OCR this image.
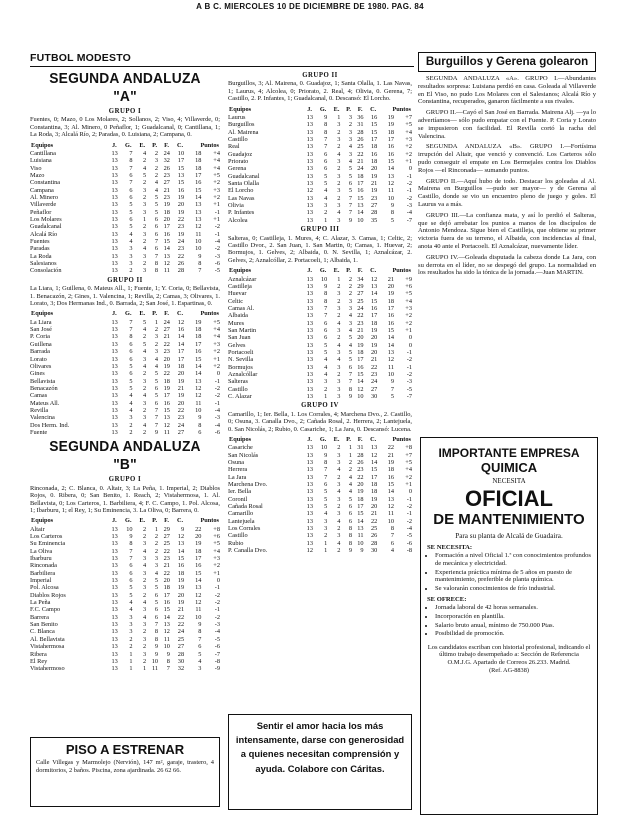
A B C. MIERCOLES 10 DE DICIEMBRE DE 1980. PAG. 84
FUTBOL MODESTO
SEGUNDA ANDALUZA "A"
GRUPO I
Fuentes, 0; Mazo, 0 Los Molares, 2; Sollanos, 2; Viso, 4; Villaverde, 0; Constantina, 3; Al. Minero, 0 Peñaflor, 1; Guadalcanal, 0; Cantillana, 1; La Roda, 3; Alcalá Río, 2; Paradas, 0. Luisiana, 2; Campana, 0.
Equipos	J.	G.	E.	P.	F.	C.	Puntos	
Cantillana	13	7	4	2	24	10	18	+4
Luisiana	13	8	2	3	32	17	18	+4
Viso	13	7	4	2	26	15	18	+4
Mazo	13	6	5	2	23	13	17	+5
Constantina	13	7	2	4	27	15	16	+2
Campana	13	6	3	4	21	16	15	+3
Al. Minero	13	6	2	5	23	19	14	+2
Villaverde	13	5	3	5	19	20	13	+1
Peñaflor	13	5	3	5	18	19	13	-1
Los Molares	13	6	1	6	20	22	13	+1
Guadalcanal	13	5	2	6	17	23	12	-2
Alcalá Río	13	4	3	6	16	19	11	-1
Fuentes	13	4	2	7	15	24	10	-4
Paradas	13	3	4	6	14	23	10	-2
La Roda	13	3	3	7	13	22	9	-3
Salesianos	13	3	2	8	12	26	8	-6
Consolación	13	2	3	8	11	28	7	-5
GRUPO II
La Liara, 1; Guillena, 0. Mateus All., 1; Fuente, 1; Y. Coria, 0; Bellavista, 1. Benacazón, 2; Gines, 1. Valencina, 1; Revilla, 2; Camas, 3; Olivares, 1. Lorato, 3; Dos Hermanas Ind., 0. Barrada, 2; San José, 1. Espartinas, 0.
Equipos	J.	G.	E.	P.	F.	C.	Puntos	
La Liara	13	7	5	1	24	12	19	+5
San José	13	7	4	2	27	16	18	+4
P. Coria	13	8	2	3	21	14	18	+4
Guillena	13	6	5	2	22	14	17	+3
Barrada	13	6	4	3	23	17	16	+2
Lorato	13	6	3	4	20	17	15	+1
Olivares	13	5	4	4	19	18	14	+2
Gines	13	6	2	5	22	20	14	0
Bellavista	13	5	3	5	18	19	13	-1
Benacazón	13	5	2	6	19	21	12	-2
Camas	13	4	4	5	17	19	12	-2
Mateus All.	13	4	3	6	16	20	11	-1
Revilla	13	4	2	7	15	22	10	-4
Valencina	13	3	3	7	13	23	9	-3
Dos Herm. Ind.	13	2	4	7	12	24	8	-4
Fuente	13	2	2	9	11	27	6	-6
SEGUNDA ANDALUZA "B"
GRUPO I
Rinconada, 2; C. Blanca, 0. Altair, 3; La Peña, 1. Imperial, 2; Diablos Rojos, 0. Ribera, 0; San Benito, 1. Reach, 2; Vistahermosa, 1. Al. Bellavista, 0; Los Carteros, 1. Barbiliera, 4; F. C. Campo, 1. Pol. Alcosa, 1; Ibarburu, 1; el Rey, 1; Su Eminencia, 3. La Oliva, 0; Barrera, 0.
Equipos	J.	G.	E.	P.	F.	C.	Puntos	
Altair	13	10	2	1	29	9	22	+8
Los Carteros	13	9	2	2	27	12	20	+6
Su Eminencia	13	8	3	2	25	13	19	+5
La Oliva	13	7	4	2	22	14	18	+4
Ibarburu	13	7	3	3	23	15	17	+3
Rinconada	13	6	4	3	21	16	16	+2
Barbiliera	13	6	3	4	22	18	15	+1
Imperial	13	6	2	5	20	19	14	0
Pol. Alcosa	13	5	3	5	18	19	13	-1
Diablos Rojos	13	5	2	6	17	20	12	-2
La Peña	13	4	4	5	16	19	12	-2
F.C. Campo	13	4	3	6	15	21	11	-1
Barrera	13	3	4	6	14	22	10	-2
San Benito	13	3	3	7	13	22	9	-3
C. Blanca	13	3	2	8	12	24	8	-4
Al. Bellavista	13	2	3	8	11	25	7	-5
Vistahermosa	13	2	2	9	10	27	6	-6
Ribera	13	1	3	9	9	28	5	-7
El Rey	13	1	2	10	8	30	4	-8
Vistahermoso	13	1	1	11	7	32	3	-9
GRUPO II
Burguillos, 3; Al. Mairena, 0. Guadajoz, 1; Santa Olalla, 1. Las Navas, 1; Laurus, 4; Alcolea, 0; Priorato, 2. Real, 4; Olivia, 0. Gerena, 7; Castillo, 2. P. Infantes, 1; Guadalcanal, 0. Descansó: El Lorcho.
Equipos	J.	G.	E.	P.	F.	C.	Puntos	
Laurus	13	9	1	3	36	16	19	+7
Burguillos	13	8	3	2	31	15	19	+5
Al. Mairena	13	8	2	3	28	15	18	+4
Castillo	13	7	3	3	26	17	17	+3
Real	13	7	2	4	25	18	16	+2
Guadajoz	13	6	4	3	22	16	16	+2
Priorato	13	6	3	4	21	18	15	+1
Gerena	13	6	2	5	24	20	14	0
Guadalcanal	13	5	3	5	18	19	13	-1
Santa Olalla	13	5	2	6	17	21	12	-2
El Lorcho	12	4	3	5	16	19	11	-1
Las Navas	13	4	2	7	15	23	10	-2
Olivia	13	3	3	7	13	27	9	-3
P. Infantes	13	2	4	7	14	28	8	-4
Alcolea	13	1	3	9	10	35	5	-7
GRUPO III
Salteras, 0; Castilleja, 1. Mures, 4; C. Alazar, 3. Camas, 1; Celtic, 2; Castillo Dvor., 2. San Juan, 1. San Martin, 0; Camas, 1. Huevar, 2; Bormujos, 1. Gelves, 2; Albaida, 0. N. Sevilla, 1; Aznalcázar, 2. Gelves, 2; Aznalcóllar, 2. Portacoeli, 1; Albaida, 1.
Equipos	J.	G.	E.	P.	F.	C.	Puntos	
Aznalcázar	13	10	1	2	34	12	21	+9
Castilleja	13	9	2	2	29	13	20	+6
Huevar	13	8	3	2	27	14	19	+5
Celtic	13	8	2	3	25	15	18	+4
Camas Al.	13	7	3	3	24	16	17	+3
Albaida	13	7	2	4	22	17	16	+2
Mures	13	6	4	3	23	18	16	+2
San Martin	13	6	3	4	21	19	15	+1
San Juan	13	6	2	5	20	20	14	0
Gelves	13	5	4	4	19	19	14	0
Portacoeli	13	5	3	5	18	20	13	-1
N. Sevilla	13	4	4	5	17	21	12	-2
Bormujos	13	4	3	6	16	22	11	-1
Aznalcóllar	13	4	2	7	15	23	10	-2
Salteras	13	3	3	7	14	24	9	-3
Castillo	13	2	3	8	12	27	7	-5
C. Alazar	13	1	3	9	10	30	5	-7
GRUPO IV
Camarillo, 1; Ier. Bella, 1. Los Corrales, 4; Marchena Dvo., 2. Castillo, 0; Osuna, 3. Canalla Dvo., 2; Cañada Rosal, 2. Herrera, 2; Lantejuela, 0. San Nicolás, 2; Rubio, 0. Casariche, 1; La Jara, 0. Descansó: Lucena.
Equipos	J.	G.	E.	P.	F.	C.	Puntos	
Casariche	13	10	2	1	31	13	22	+8
San Nicolás	13	9	3	1	28	12	21	+7
Osuna	13	8	3	2	26	14	19	+5
Herrera	13	7	4	2	23	15	18	+4
La Jara	13	7	2	4	22	17	16	+2
Marchena Dvo.	13	6	3	4	20	18	15	+1
Ier. Bella	13	5	4	4	19	18	14	0
Coronil	13	5	3	5	18	19	13	-1
Cañada Rosal	13	5	2	6	17	20	12	-2
Camarillo	13	4	3	6	15	21	11	-1
Lantejuela	13	3	4	6	14	22	10	-2
Los Corrales	13	3	2	8	13	25	8	-4
Castillo	13	2	3	8	11	26	7	-5
Rubio	13	1	4	8	10	28	6	-6
P. Canalla Dvo.	12	1	2	9	9	30	4	-8
Burguillos y Gerena golearon

SEGUNDA ANDALUZA «A». GRUPO I.—Abundantes resultados sorpresa: Luisiana perdió en casa. Goleada al Villaverde en El Viso, no pudo Los Molares con el Salesianos; Alcalá Río y Constantina, recuperados, ganaron fácilmente a sus rivales.

GRUPO II.—Cayó el San José en Barrada. Mairena Alj. —ya lo advertíamos— sólo pudo empatar con el Fuente. P. Coria y Lorato se impusieron con facilidad. El Revilla cortó la racha del Valencina.

SEGUNDA ANDALUZA «B». GRUPO I.—Fortísima irrupción del Altair, que venció y convenció. Los Carteros sólo pudo conseguir el empate en Los Bermejales contra los Diablos Rojos —el Rinconada— sumando puntos.

GRUPO II.—Aquí hubo de todo. Destacar los goleadas al Al. Mairena en Burguillos —pudo ser mayor— y de Gerena al Castillo, donde se vio un encuentro pleno de juego y goles. El Laurus va a más.

GRUPO III.—La confianza mata, y así lo perdió el Salteras, que se dejó arrebatar los puntos a manos de los discípulos de Antonio Mendoza. Sigue bien el Castilleja, que obtiene su primer victoria fuera de su terreno, el Albaida, con incidencias al final, anota 40 ante el Portacoeli. El Aznalcázar, nuevamente líder.

GRUPO IV.—Goleada disputada la cabeza donde La Jara, con su derrota en el líder, no se despegó del grupo. La normalidad en los resultados ha sido la tónica de la jornada.—Juan MARTIN.

IMPORTANTE EMPRESA
QUIMICA
NECESITA
OFICIAL
DE MANTENIMIENTO
Para su planta de Alcalá de Guadaira.
SE NECESITA:
• Formación a nivel Oficial 1.ª con conocimientos profundos de mecánica y electricidad.
• Experiencia práctica mínima de 5 años en puesto de mantenimiento, preferible de planta química.
• Se valorarán conocimientos de frío industrial.
SE OFRECE:
• Jornada laboral de 42 horas semanales.
• Incorporación en plantilla.
• Salario bruto anual, mínimo de 750.000 Ptas.
• Posibilidad de promoción.
Los candidatos escriban con historial profesional, indicando el último trabajo desempeñado a: Sección de Referencia O.M.J.G. Apartado de Correos 26.233. Madrid.
(Ref. AG-8838)
PISO A ESTRENAR
Calle Villegas y Marmolejo (Nervión), 147 m², garaje, trastero, 4 dormitorios, 2 baños. Piscina, zona ajardinada. 26 62 66.
Sentir el amor hacia los más intensamente, darse con generosidad a quienes necesitan comprensión y ayuda. Colabore con Cáritas.
